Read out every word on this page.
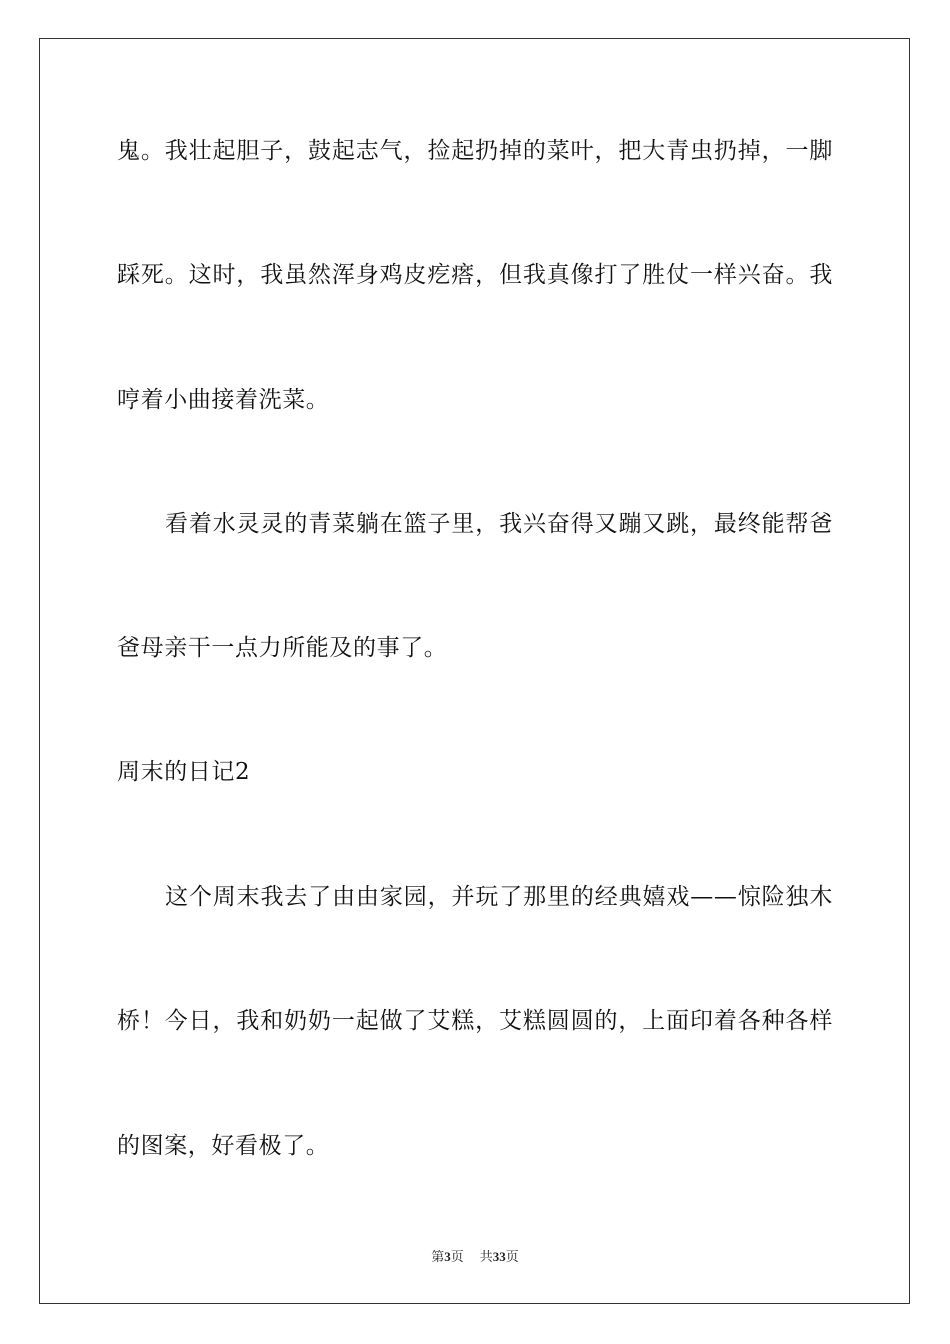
鬼。我壮起胆子，鼓起志气，捡起扔掉的菜叶，把大青虫扔掉，一脚
踩死。这时，我虽然浑身鸡皮疙瘩，但我真像打了胜仗一样兴奋。我
哼着小曲接着洗菜。
看着水灵灵的青菜躺在篮子里，我兴奋得又蹦又跳，最终能帮爸
爸母亲干一点力所能及的事了。
周末的日记2
这个周末我去了由由家园，并玩了那里的经典嬉戏——惊险独木
桥！今日，我和奶奶一起做了艾糕，艾糕圆圆的，上面印着各种各样
的图案，好看极了。
第3页 共33页
